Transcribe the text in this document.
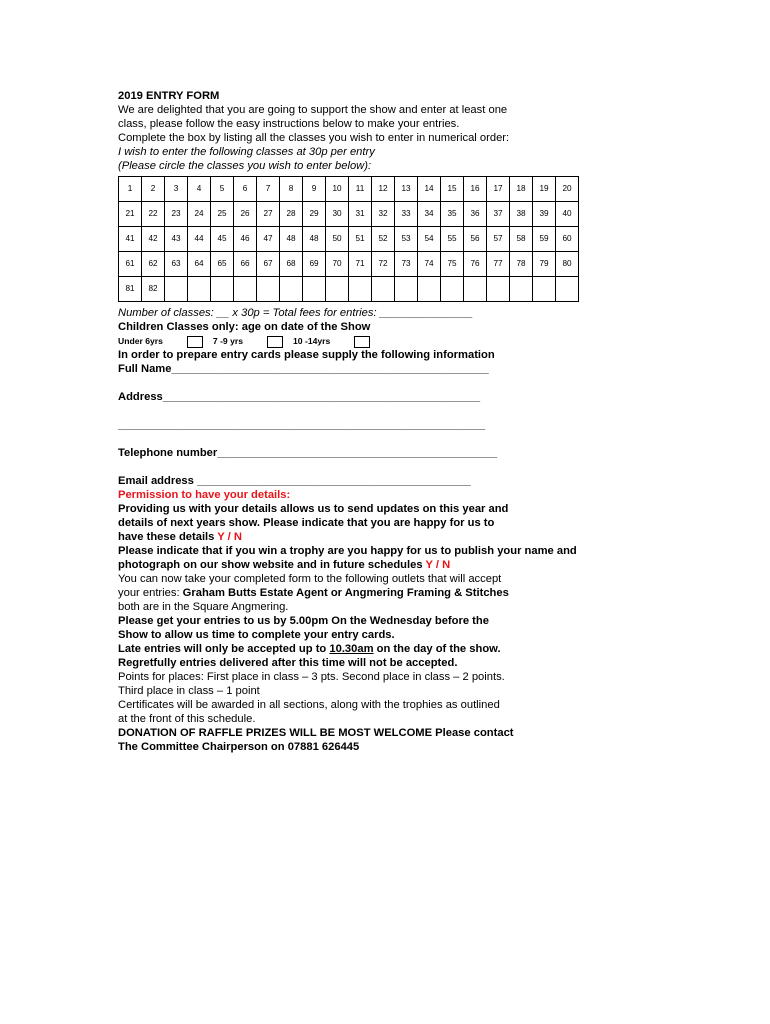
2019 ENTRY FORM
We are delighted that you are going to support the show and enter at least one
class, please follow the easy instructions below to make your entries.
Complete the box by listing all the classes you wish to enter in numerical order:
I wish to enter the following classes at 30p per entry
(Please circle the classes you wish to enter below):
1	2	3	4	5	6	7	8	9	10	11	12	13	14	15	16	17	18	19	20
21	22	23	24	25	26	27	28	29	30	31	32	33	34	35	36	37	38	39	40
41	42	43	44	45	46	47	48	48	50	51	52	53	54	55	56	57	58	59	60
61	62	63	64	65	66	67	68	69	70	71	72	73	74	75	76	77	78	79	80
81	82																		
Number of classes: __ x 30p = Total fees for entries: _______________
Children Classes only: age on date of the Show
Under 6yrs	7 -9 yrs	10 -14yrs
In order to prepare entry cards please supply the following information
Full Name___________________________________________________
Address___________________________________________________
___________________________________________________________
Telephone number_____________________________________________
Email address ____________________________________________
Permission to have your details:
Providing us with your details allows us to send updates on this year and
details of next years show. Please indicate that you are happy for us to
have these details Y / N
Please indicate that if you win a trophy are you happy for us to publish your name and
photograph on our show website and in future schedules Y / N
You can now take your completed form to the following outlets that will accept
your entries: Graham Butts Estate Agent or Angmering Framing & Stitches
both are in the Square Angmering.
Please get your entries to us by 5.00pm On the Wednesday before the
Show to allow us time to complete your entry cards.
Late entries will only be accepted up to 10.30am on the day of the show.
Regretfully entries delivered after this time will not be accepted.
Points for places: First place in class – 3 pts. Second place in class – 2 points.
Third place in class – 1 point
Certificates will be awarded in all sections, along with the trophies as outlined
at the front of this schedule.
DONATION OF RAFFLE PRIZES WILL BE MOST WELCOME Please contact
The Committee Chairperson on 07881 626445
